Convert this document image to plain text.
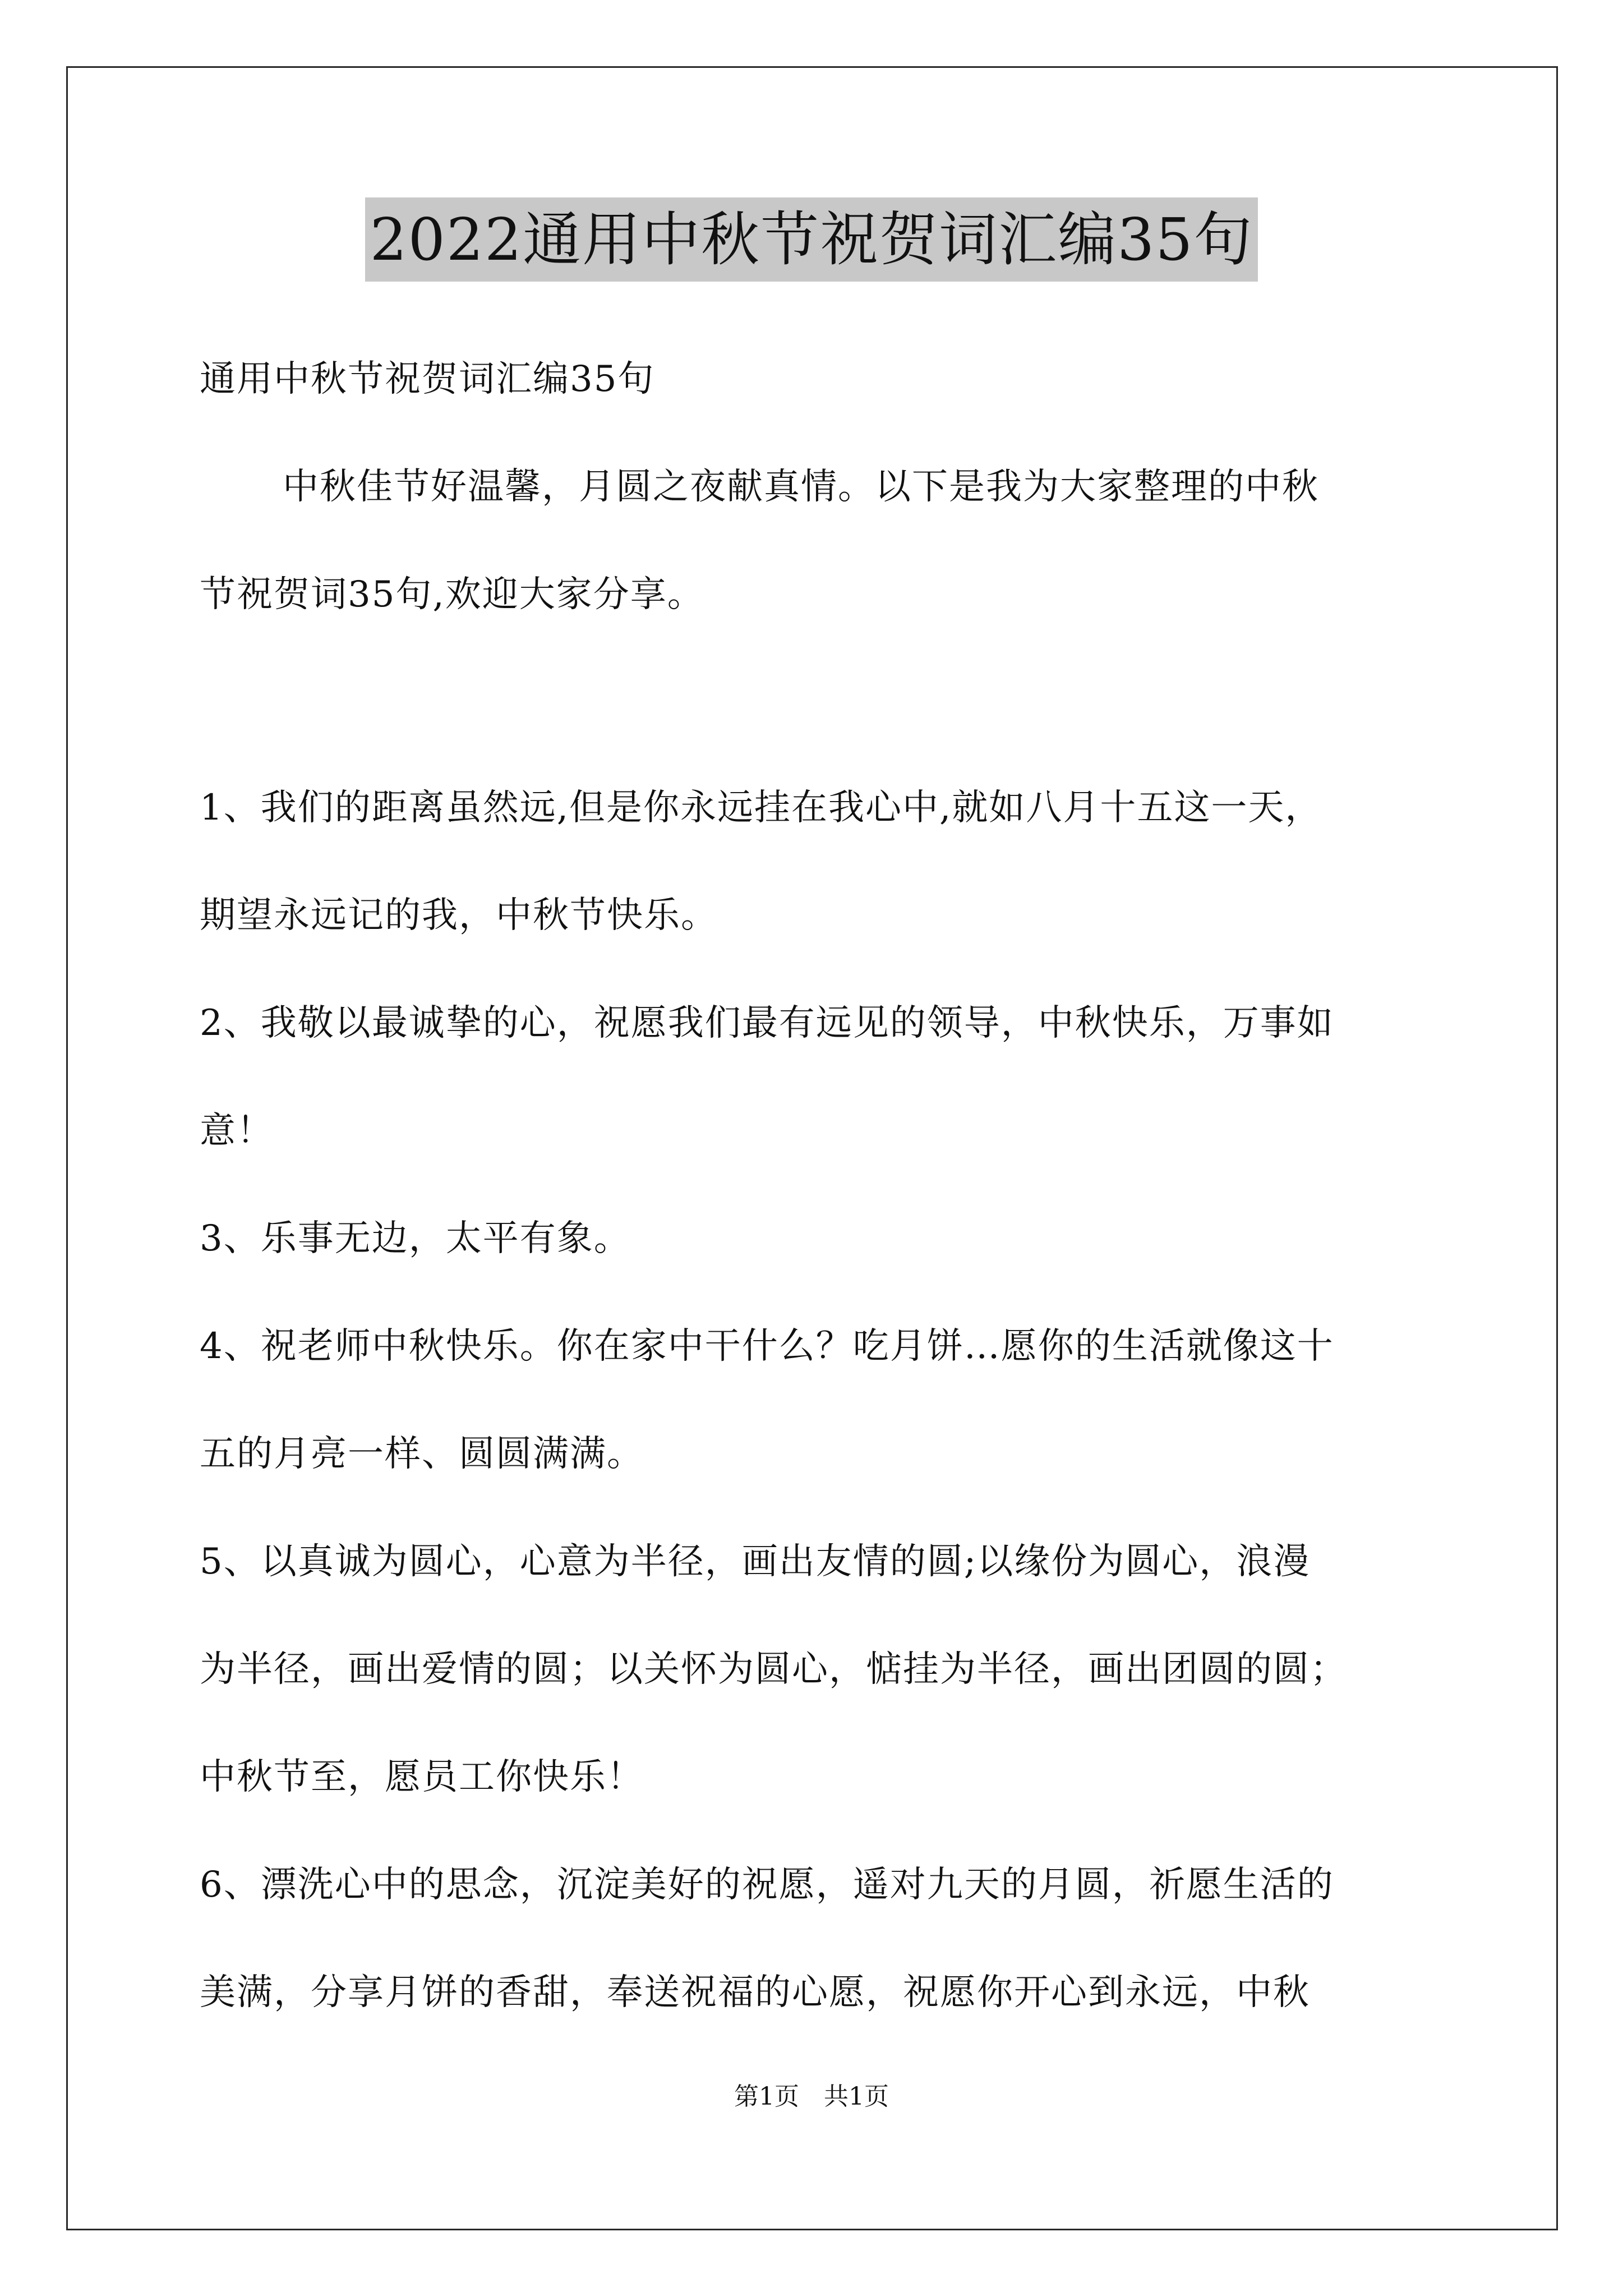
2022通用中秋节祝贺词汇编35句
通用中秋节祝贺词汇编35句
中秋佳节好温馨，月圆之夜献真情。以下是我为大家整理的中秋
节祝贺词35句,欢迎大家分享。
1、我们的距离虽然远,但是你永远挂在我心中,就如八月十五这一天，
期望永远记的我，中秋节快乐。
2、我敬以最诚挚的心，祝愿我们最有远见的领导，中秋快乐，万事如
意！
3、乐事无边，太平有象。
4、祝老师中秋快乐。你在家中干什么？吃月饼…愿你的生活就像这十
五的月亮一样、圆圆满满。
5、以真诚为圆心，心意为半径，画出友情的圆;以缘份为圆心，浪漫
为半径，画出爱情的圆；以关怀为圆心，惦挂为半径，画出团圆的圆；
中秋节至，愿员工你快乐！
6、漂洗心中的思念，沉淀美好的祝愿，遥对九天的月圆，祈愿生活的
美满，分享月饼的香甜，奉送祝福的心愿，祝愿你开心到永远，中秋
第1页　共1页
